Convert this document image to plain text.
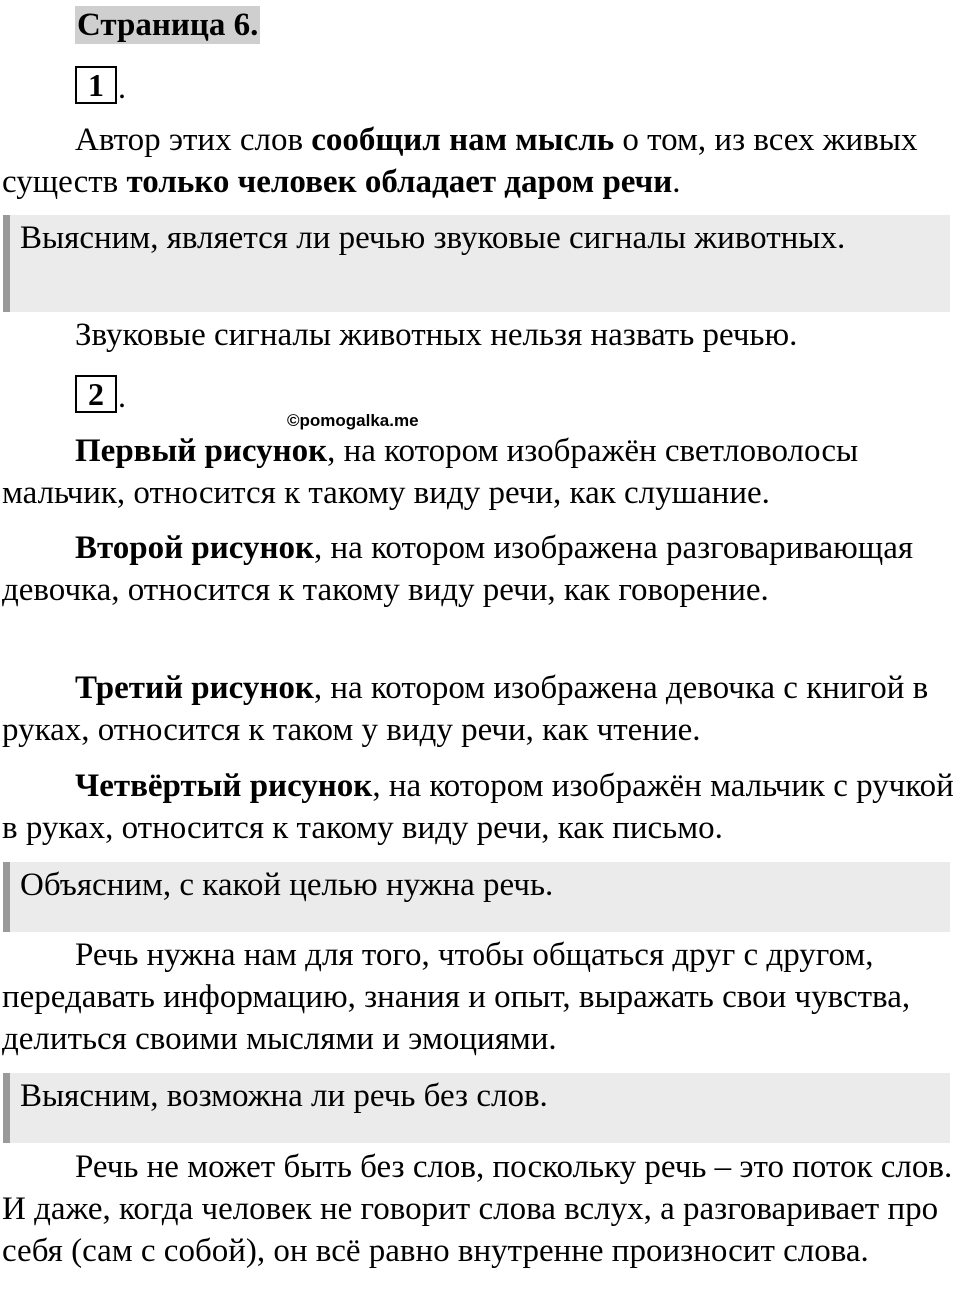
Страница 6.
1 .

Автор этих слов сообщил нам мысль о том, из всех живых существ только человек обладает даром речи.

Выясним, является ли речью звуковые сигналы животных.

Звуковые сигналы животных нельзя назвать речью.

2 .
©pomogalka.me

Первый рисунок, на котором изображён светловолосы мальчик, относится к такому виду речи, как слушание.

Второй рисунок, на котором изображена разговаривающая девочка, относится к такому виду речи, как говорение.

Третий рисунок, на котором изображена девочка с книгой в руках, относится к таком у виду речи, как чтение.

Четвёртый рисунок, на котором изображён мальчик с ручкой в руках, относится к такому виду речи, как письмо.

Объясним, с какой целью нужна речь.

Речь нужна нам для того, чтобы общаться друг с другом, передавать информацию, знания и опыт, выражать свои чувства, делиться своими мыслями и эмоциями.

Выясним, возможна ли речь без слов.

Речь не может быть без слов, поскольку речь – это поток слов. И даже, когда человек не говорит слова вслух, а разговаривает про себя (сам с собой), он всё равно внутренне произносит слова.
